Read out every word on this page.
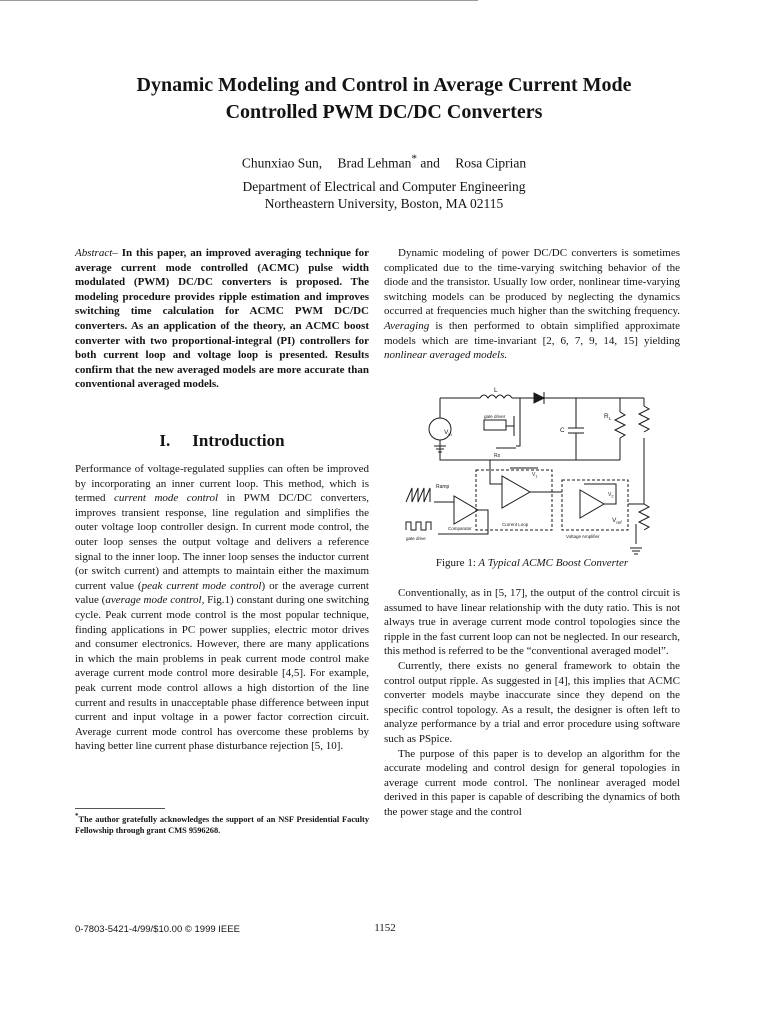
Dynamic Modeling and Control in Average Current Mode
Controlled PWM DC/DC Converters
Chunxiao Sun, Brad Lehman* and Rosa Ciprian
Department of Electrical and Computer Engineering
Northeastern University, Boston, MA 02115

Abstract– In this paper, an improved averaging technique for average current mode controlled (ACMC) pulse width modulated (PWM) DC/DC converters is proposed. The modeling procedure provides ripple estimation and improves switching time calculation for ACMC PWM DC/DC converters. As an application of the theory, an ACMC boost converter with two proportional-integral (PI) controllers for both current loop and voltage loop is presented. Results confirm that the new averaged models are more accurate than conventional averaged models.

I. Introduction

Performance of voltage-regulated supplies can often be improved by incorporating an inner current loop. This method, which is termed current mode control in PWM DC/DC converters, improves transient response, line regulation and simplifies the outer voltage loop controller design. In current mode control, the outer loop senses the output voltage and delivers a reference signal to the inner loop. The inner loop senses the inductor current (or switch current) and attempts to maintain either the maximum current value (peak current mode control) or the average current value (average mode control, Fig.1) constant during one switching cycle. Peak current mode control is the most popular technique, finding applications in PC power supplies, electric motor drives and consumer electronics. However, there are many applications in which the main problems in peak current mode control make average current mode control more desirable [4,5]. For example, peak current mode control allows a high distortion of the line current and results in unacceptable phase difference between input current and input voltage in a power factor correction circuit. Average current mode control has overcome these problems by having better line current phase disturbance rejection [5, 10].

*The author gratefully acknowledges the support of an NSF Presidential Faculty Fellowship through grant CMS 9596268.

Dynamic modeling of power DC/DC converters is sometimes complicated due to the time-varying switching behavior of the diode and the transistor. Usually low order, nonlinear time-varying switching models can be produced by neglecting the dynamics occurred at frequencies much higher than the switching frequency. Averaging is then performed to obtain simplified approximate models which are time-invariant [2, 6, 7, 9, 14, 15] yielding nonlinear averaged models.

L
$V_{in}$
gate driver
C
$R_L$
Rs
Ramp
Comparator
gate drive
Current Loop
Voltage Amplifier
$V_{ref}$
$V_1$
$V_2$
Figure 1: A Typical ACMC Boost Converter

Conventionally, as in [5, 17], the output of the control circuit is assumed to have linear relationship with the duty ratio. This is not always true in average current mode control topologies since the ripple in the fast current loop can not be neglected. In our research, this method is referred to be the “conventional averaged model”.

Currently, there exists no general framework to obtain the control output ripple. As suggested in [4], this implies that ACMC converter models maybe inaccurate since they depend on the specific control topology. As a result, the designer is often left to analyze performance by a trial and error procedure using software such as PSpice.

The purpose of this paper is to develop an algorithm for the accurate modeling and control design for general topologies in average current mode control. The nonlinear averaged model derived in this paper is capable of describing the dynamics of both the power stage and the control

0-7803-5421-4/99/$10.00 © 1999 IEEE	1152
